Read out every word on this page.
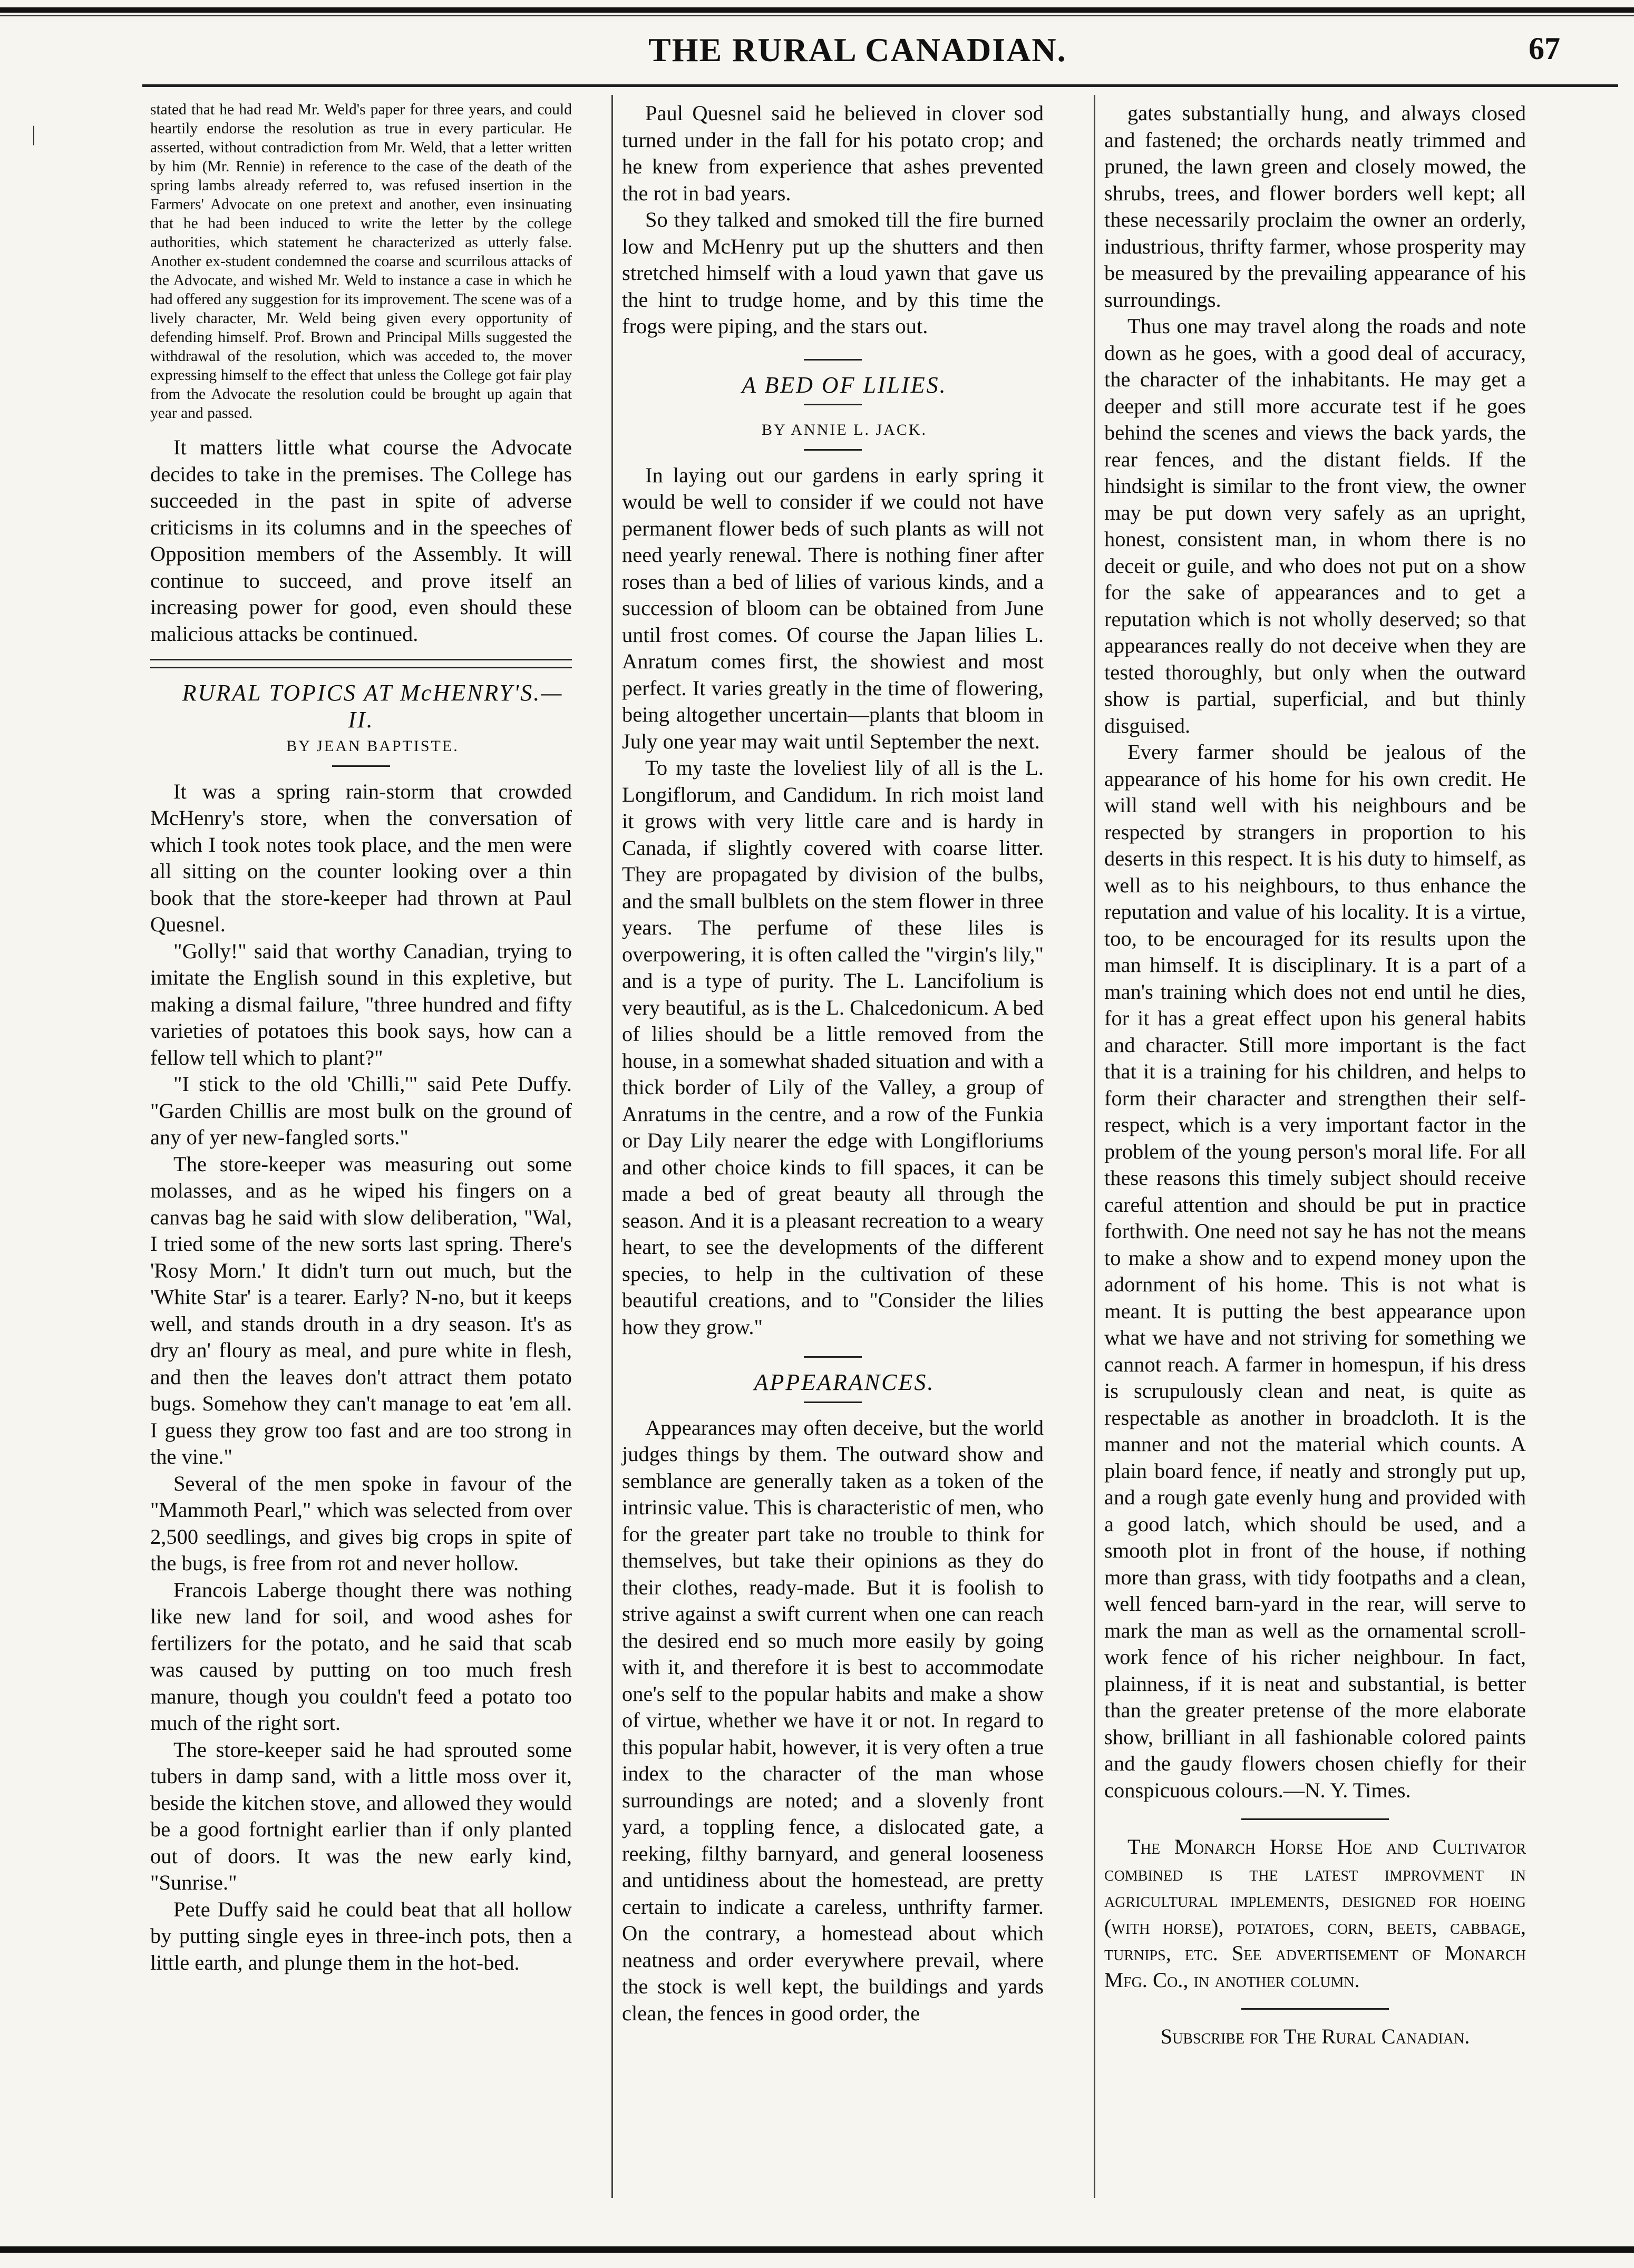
THE RURAL CANADIAN.	67
|

stated that he had read Mr. Weld's paper for three years, and could heartily endorse the resolution as true in every particular. He asserted, without contradiction from Mr. Weld, that a letter written by him (Mr. Rennie) in reference to the case of the death of the spring lambs already referred to, was refused insertion in the Farmers' Advocate on one pretext and another, even insinuating that he had been induced to write the letter by the college authorities, which statement he characterized as utterly false. Another ex-student condemned the coarse and scurrilous attacks of the Advocate, and wished Mr. Weld to instance a case in which he had offered any suggestion for its improvement. The scene was of a lively character, Mr. Weld being given every opportunity of defending himself. Prof. Brown and Principal Mills suggested the withdrawal of the resolution, which was acceded to, the mover expressing himself to the effect that unless the College got fair play from the Advocate the resolution could be brought up again that year and passed.

It matters little what course the Advocate decides to take in the premises. The College has succeeded in the past in spite of adverse criticisms in its columns and in the speeches of Opposition members of the Assembly. It will continue to succeed, and prove itself an increasing power for good, even should these malicious attacks be continued.

RURAL TOPICS AT McHENRY'S.—II.

BY JEAN BAPTISTE.

It was a spring rain-storm that crowded McHenry's store, when the conversation of which I took notes took place, and the men were all sitting on the counter looking over a thin book that the store-keeper had thrown at Paul Quesnel.

"Golly!" said that worthy Canadian, trying to imitate the English sound in this expletive, but making a dismal failure, "three hundred and fifty varieties of potatoes this book says, how can a fellow tell which to plant?"

"I stick to the old 'Chilli,'" said Pete Duffy. "Garden Chillis are most bulk on the ground of any of yer new-fangled sorts."

The store-keeper was measuring out some molasses, and as he wiped his fingers on a canvas bag he said with slow deliberation, "Wal, I tried some of the new sorts last spring. There's 'Rosy Morn.' It didn't turn out much, but the 'White Star' is a tearer. Early? N-no, but it keeps well, and stands drouth in a dry season. It's as dry an' floury as meal, and pure white in flesh, and then the leaves don't attract them potato bugs. Somehow they can't manage to eat 'em all. I guess they grow too fast and are too strong in the vine."

Several of the men spoke in favour of the "Mammoth Pearl," which was selected from over 2,500 seedlings, and gives big crops in spite of the bugs, is free from rot and never hollow.

Francois Laberge thought there was nothing like new land for soil, and wood ashes for fertilizers for the potato, and he said that scab was caused by putting on too much fresh manure, though you couldn't feed a potato too much of the right sort.

The store-keeper said he had sprouted some tubers in damp sand, with a little moss over it, beside the kitchen stove, and allowed they would be a good fortnight earlier than if only planted out of doors. It was the new early kind, "Sunrise."

Pete Duffy said he could beat that all hollow by putting single eyes in three-inch pots, then a little earth, and plunge them in the hot-bed.

Paul Quesnel said he believed in clover sod turned under in the fall for his potato crop; and he knew from experience that ashes prevented the rot in bad years.

So they talked and smoked till the fire burned low and McHenry put up the shutters and then stretched himself with a loud yawn that gave us the hint to trudge home, and by this time the frogs were piping, and the stars out.

A BED OF LILIES.

BY ANNIE L. JACK.

In laying out our gardens in early spring it would be well to consider if we could not have permanent flower beds of such plants as will not need yearly renewal. There is nothing finer after roses than a bed of lilies of various kinds, and a succession of bloom can be obtained from June until frost comes. Of course the Japan lilies L. Anratum comes first, the showiest and most perfect. It varies greatly in the time of flowering, being altogether uncertain—plants that bloom in July one year may wait until September the next.

To my taste the loveliest lily of all is the L. Longiflorum, and Candidum. In rich moist land it grows with very little care and is hardy in Canada, if slightly covered with coarse litter. They are propagated by division of the bulbs, and the small bulblets on the stem flower in three years. The perfume of these liles is overpowering, it is often called the "virgin's lily," and is a type of purity. The L. Lancifolium is very beautiful, as is the L. Chalcedonicum. A bed of lilies should be a little removed from the house, in a somewhat shaded situation and with a thick border of Lily of the Valley, a group of Anratums in the centre, and a row of the Funkia or Day Lily nearer the edge with Longifloriums and other choice kinds to fill spaces, it can be made a bed of great beauty all through the season. And it is a pleasant recreation to a weary heart, to see the developments of the different species, to help in the cultivation of these beautiful creations, and to "Consider the lilies how they grow."

APPEARANCES.

Appearances may often deceive, but the world judges things by them. The outward show and semblance are generally taken as a token of the intrinsic value. This is characteristic of men, who for the greater part take no trouble to think for themselves, but take their opinions as they do their clothes, ready-made. But it is foolish to strive against a swift current when one can reach the desired end so much more easily by going with it, and therefore it is best to accommodate one's self to the popular habits and make a show of virtue, whether we have it or not. In regard to this popular habit, however, it is very often a true index to the character of the man whose surroundings are noted; and a slovenly front yard, a toppling fence, a dislocated gate, a reeking, filthy barnyard, and general looseness and untidiness about the homestead, are pretty certain to indicate a careless, unthrifty farmer. On the contrary, a homestead about which neatness and order everywhere prevail, where the stock is well kept, the buildings and yards clean, the fences in good order, the

gates substantially hung, and always closed and fastened; the orchards neatly trimmed and pruned, the lawn green and closely mowed, the shrubs, trees, and flower borders well kept; all these necessarily proclaim the owner an orderly, industrious, thrifty farmer, whose prosperity may be measured by the prevailing appearance of his surroundings.

Thus one may travel along the roads and note down as he goes, with a good deal of accuracy, the character of the inhabitants. He may get a deeper and still more accurate test if he goes behind the scenes and views the back yards, the rear fences, and the distant fields. If the hindsight is similar to the front view, the owner may be put down very safely as an upright, honest, consistent man, in whom there is no deceit or guile, and who does not put on a show for the sake of appearances and to get a reputation which is not wholly deserved; so that appearances really do not deceive when they are tested thoroughly, but only when the outward show is partial, superficial, and but thinly disguised.

Every farmer should be jealous of the appearance of his home for his own credit. He will stand well with his neighbours and be respected by strangers in proportion to his deserts in this respect. It is his duty to himself, as well as to his neighbours, to thus enhance the reputation and value of his locality. It is a virtue, too, to be encouraged for its results upon the man himself. It is disciplinary. It is a part of a man's training which does not end until he dies, for it has a great effect upon his general habits and character. Still more important is the fact that it is a training for his children, and helps to form their character and strengthen their self-respect, which is a very important factor in the problem of the young person's moral life. For all these reasons this timely subject should receive careful attention and should be put in practice forthwith. One need not say he has not the means to make a show and to expend money upon the adornment of his home. This is not what is meant. It is putting the best appearance upon what we have and not striving for something we cannot reach. A farmer in homespun, if his dress is scrupulously clean and neat, is quite as respectable as another in broadcloth. It is the manner and not the material which counts. A plain board fence, if neatly and strongly put up, and a rough gate evenly hung and provided with a good latch, which should be used, and a smooth plot in front of the house, if nothing more than grass, with tidy footpaths and a clean, well fenced barn-yard in the rear, will serve to mark the man as well as the ornamental scroll-work fence of his richer neighbour. In fact, plainness, if it is neat and substantial, is better than the greater pretense of the more elaborate show, brilliant in all fashionable colored paints and the gaudy flowers chosen chiefly for their conspicuous colours.—N. Y. Times.

The Monarch Horse Hoe and Cultivator combined is the latest improvment in agricultural implements, designed for hoeing (with horse), potatoes, corn, beets, cabbage, turnips, etc. See advertisement of Monarch Mfg. Co., in another column.

Subscribe for The Rural Canadian.
